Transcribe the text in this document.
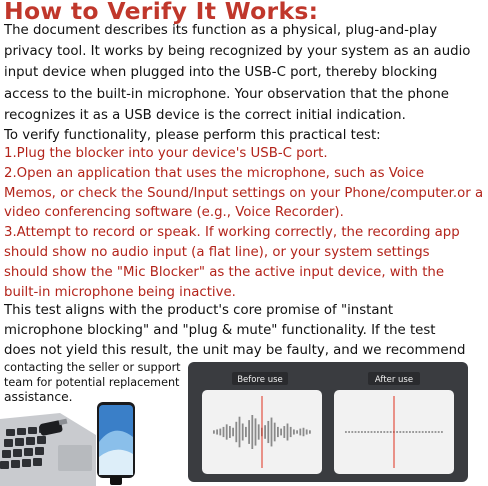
How to Verify It Works:
The document describes its function as a physical, plug-and-play
privacy tool. It works by being recognized by your system as an audio
input device when plugged into the USB-C port, thereby blocking
access to the built-in microphone. Your observation that the phone
recognizes it as a USB device is the correct initial indication.
To verify functionality, please perform this practical test:
1.Plug the blocker into your device's USB-C port.
2.Open an application that uses the microphone, such as Voice
Memos, or check the Sound/Input settings on your Phone/computer.or a
video conferencing software (e.g., Voice Recorder).
3.Attempt to record or speak. If working correctly, the recording app
should show no audio input (a flat line), or your system settings
should show the "Mic Blocker" as the active input device, with the
built-in microphone being inactive.
This test aligns with the product's core promise of "instant
microphone blocking" and "plug & mute" functionality. If the test
does not yield this result, the unit may be faulty, and we recommend
contacting the seller or support
team for potential replacement
assistance.
Before use	After use
